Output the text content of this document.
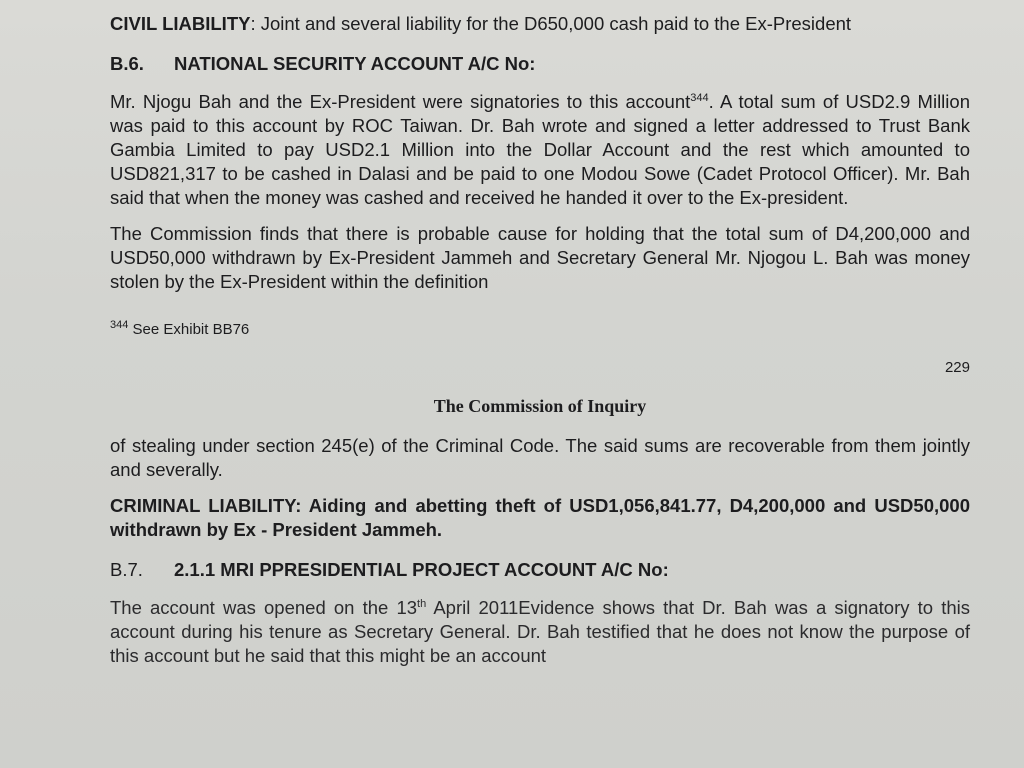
CIVIL LIABILITY: Joint and several liability for the D650,000 cash paid to the Ex-President

B.6. NATIONAL SECURITY ACCOUNT A/C No:

Mr. Njogu Bah and the Ex-President were signatories to this account$^{344}$. A total sum of USD2.9 Million was paid to this account by ROC Taiwan. Dr. Bah wrote and signed a letter addressed to Trust Bank Gambia Limited to pay USD2.1 Million into the Dollar Account and the rest which amounted to USD821,317 to be cashed in Dalasi and be paid to one Modou Sowe (Cadet Protocol Officer). Mr. Bah said that when the money was cashed and received he handed it over to the Ex-president.

The Commission finds that there is probable cause for holding that the total sum of D4,200,000 and USD50,000 withdrawn by Ex-President Jammeh and Secretary General Mr. Njogou L. Bah was money stolen by the Ex-President within the definition

$^{344}$ See Exhibit BB76
229
The Commission of Inquiry

of stealing under section 245(e) of the Criminal Code. The said sums are recoverable from them jointly and severally.

CRIMINAL LIABILITY: Aiding and abetting theft of USD1,056,841.77, D4,200,000 and USD50,000 withdrawn by Ex - President Jammeh.

B.7. 2.1.1 MRI PPRESIDENTIAL PROJECT ACCOUNT A/C No:

The account was opened on the 13th April 2011Evidence shows that Dr. Bah was a signatory to this account during his tenure as Secretary General. Dr. Bah testified that he does not know the purpose of this account but he said that this might be an account
